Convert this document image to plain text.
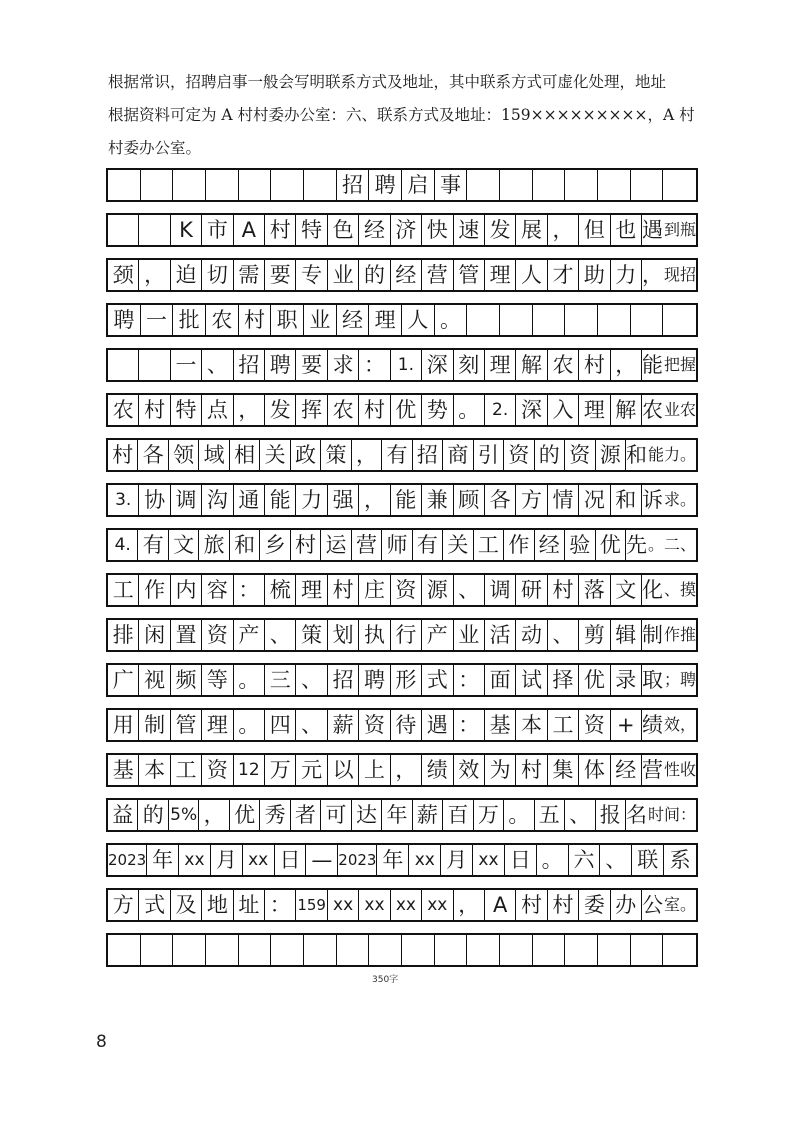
根据常识，招聘启事一般会写明联系方式及地址，其中联系方式可虚化处理，地址
根据资料可定为 A 村村委办公室：六、联系方式及地址：159×××××××××，A 村
村委办公室。
招 聘 启 事
K 市 A 村 特 色 经 济 快 速 发 展 ， 但 也 遇 到瓶
颈 ， 迫 切 需 要 专 业 的 经 营 管 理 人 才 助 力 ， 现招
聘 一 批 农 村 职 业 经 理 人 。
一 、 招 聘 要 求 ： 1. 深 刻 理 解 农 村 ， 能 把握
农 村 特 点 ， 发 挥 农 村 优 势 。 2. 深 入 理 解 农 业农
村 各 领 域 相 关 政 策 ， 有 招 商 引 资 的 资 源 和 能力。
3. 协 调 沟 通 能 力 强 ， 能 兼 顾 各 方 情 况 和 诉 求。
4. 有 文 旅 和 乡 村 运 营 师 有 关 工 作 经 验 优 先 。二、
工 作 内 容 ： 梳 理 村 庄 资 源 、 调 研 村 落 文 化 、摸
排 闲 置 资 产 、 策 划 执 行 产 业 活 动 、 剪 辑 制 作推
广 视 频 等 。 三 、 招 聘 形 式 ： 面 试 择 优 录 取 ；聘
用 制 管 理 。 四 、 薪 资 待 遇 ： 基 本 工 资 + 绩 效，
基 本 工 资 12 万 元 以 上 ， 绩 效 为 村 集 体 经 营 性收
益 的 5% ， 优 秀 者 可 达 年 薪 百 万 。 五 、 报 名 时间：
2023 年 xx 月 xx 日 — 2023 年 xx 月 xx 日 。 六 、 联 系
方 式 及 地 址 ： 159 xx xx xx xx ， A 村 村 委 办 公 室。
350字
8
